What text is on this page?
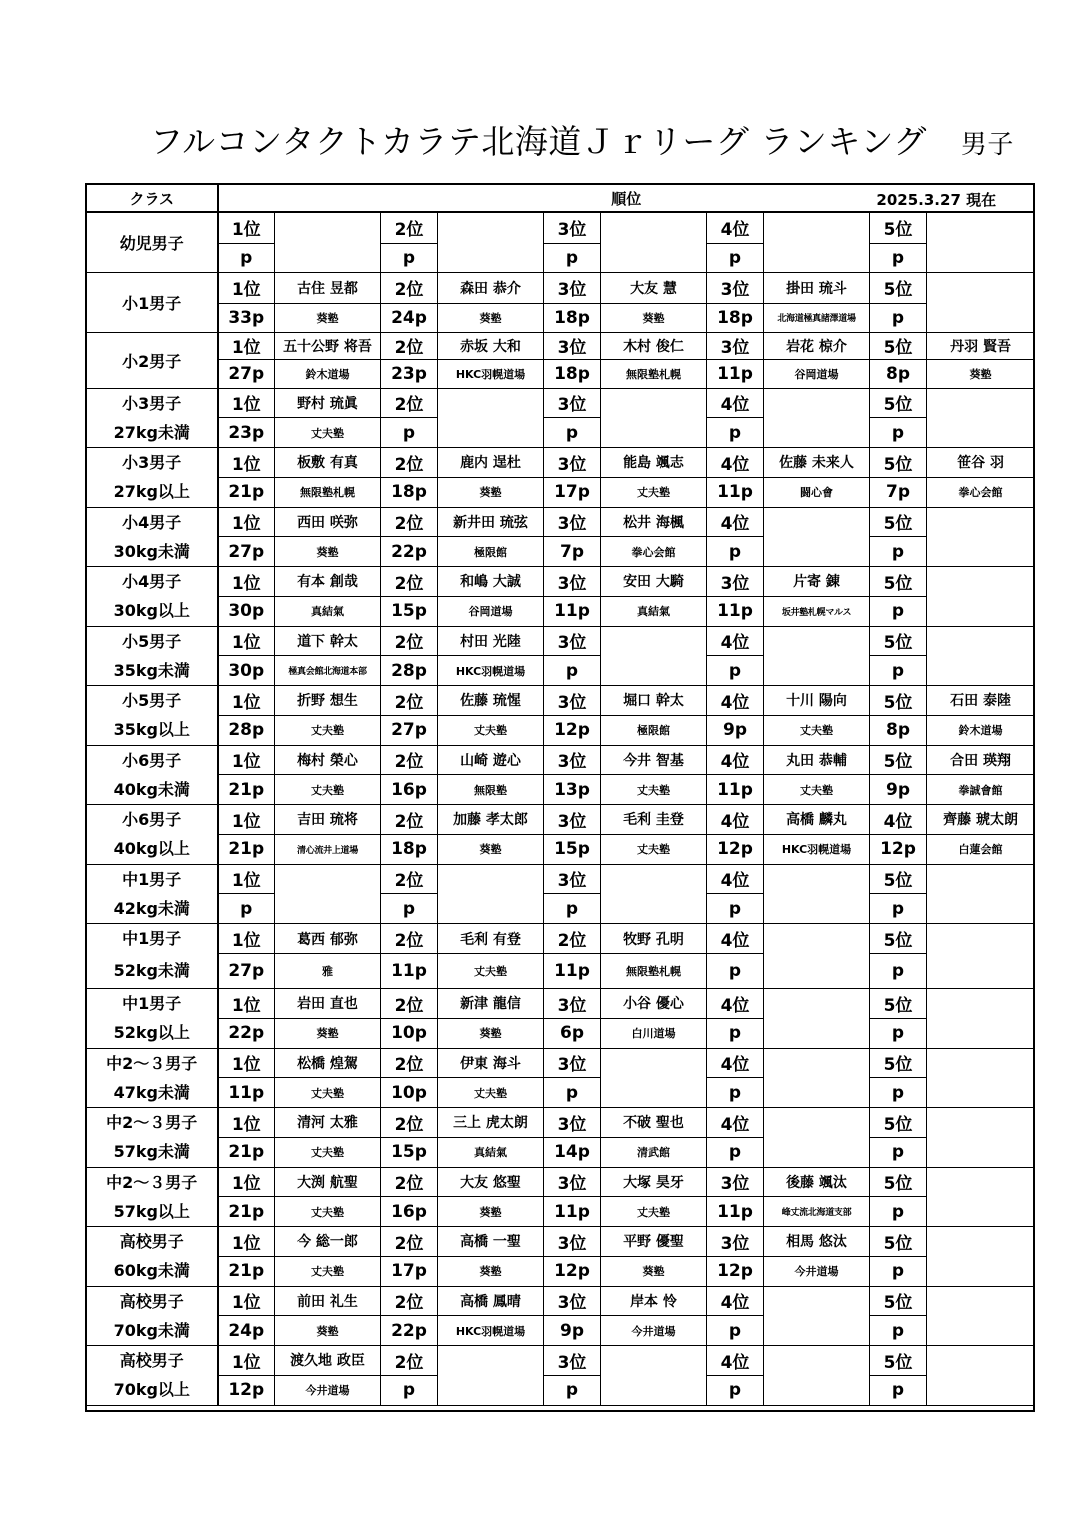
フルコンタクトカラテ北海道Ｊｒリーグ ランキング 男子
クラス	順位 2025.3.27 現在									

幼児男子	1位		2位		3位		4位		5位	
	p		p		p		p		p	
小1男子	1位	古住 昱都	2位	森田 恭介	3位	大友 慧	3位	掛田 琉斗	5位	
	33p	葵塾	24p	葵塾	18p	葵塾	18p	北海道極真諸澤道場	p	
小2男子	1位	五十公野 将吾	2位	赤坂 大和	3位	木村 俊仁	3位	岩花 椋介	5位	丹羽 賢吾
	27p	鈴木道場	23p	HKC羽幌道場	18p	無限塾札幌	11p	谷岡道場	8p	葵塾
小3男子	1位	野村 琉眞	2位		3位		4位		5位	
27kg未満	23p	丈夫塾	p		p		p		p	
小3男子	1位	板敷 有真	2位	鹿内 逞杜	3位	能島 颯志	4位	佐藤 未来人	5位	笹谷 羽
27kg以上	21p	無限塾札幌	18p	葵塾	17p	丈夫塾	11p	闘心會	7p	拳心会館
小4男子	1位	西田 咲弥	2位	新井田 琉弦	3位	松井 海楓	4位		5位	
30kg未満	27p	葵塾	22p	極限館	7p	拳心会館	p		p	
小4男子	1位	有本 創哉	2位	和嶋 大誠	3位	安田 大騎	3位	片寄 錬	5位	
30kg以上	30p	真結氣	15p	谷岡道場	11p	真結氣	11p	坂井塾札幌マルス	p	
小5男子	1位	道下 幹太	2位	村田 光陸	3位		4位		5位	
35kg未満	30p	極真会館北海道本部	28p	HKC羽幌道場	p		p		p	
小5男子	1位	折野 想生	2位	佐藤 琉惺	3位	堀口 幹太	4位	十川 陽向	5位	石田 泰陸
35kg以上	28p	丈夫塾	27p	丈夫塾	12p	極限館	9p	丈夫塾	8p	鈴木道場
小6男子	1位	梅村 榮心	2位	山崎 遊心	3位	今井 智基	4位	丸田 恭輔	5位	合田 瑛翔
40kg未満	21p	丈夫塾	16p	無限塾	13p	丈夫塾	11p	丈夫塾	9p	拳誠會館
小6男子	1位	吉田 琉将	2位	加藤 孝太郎	3位	毛利 圭登	4位	高橋 麟丸	4位	齊藤 琥太朗
40kg以上	21p	清心流井上道場	18p	葵塾	15p	丈夫塾	12p	HKC羽幌道場	12p	白蓮会館
中1男子	1位		2位		3位		4位		5位	
42kg未満	p		p		p		p		p	
中1男子	1位	葛西 郁弥	2位	毛利 有登	2位	牧野 孔明	4位		5位	
52kg未満	27p	雅	11p	丈夫塾	11p	無限塾札幌	p		p	
中1男子	1位	岩田 直也	2位	新津 龍信	3位	小谷 優心	4位		5位	
52kg以上	22p	葵塾	10p	葵塾	6p	白川道場	p		p	
中2～３男子	1位	松橋 煌駕	2位	伊東 海斗	3位		4位		5位	
47kg未満	11p	丈夫塾	10p	丈夫塾	p		p		p	
中2～３男子	1位	清河 太雅	2位	三上 虎太朗	3位	不破 聖也	4位		5位	
57kg未満	21p	丈夫塾	15p	真結氣	14p	清武館	p		p	
中2～３男子	1位	大渕 航聖	2位	大友 悠聖	3位	大塚 昊牙	3位	後藤 颯汰	5位	
57kg以上	21p	丈夫塾	16p	葵塾	11p	丈夫塾	11p	峰丈流北海道支部	p	
高校男子	1位	今 総一郎	2位	高橋 一聖	3位	平野 優聖	3位	相馬 悠汰	5位	
60kg未満	21p	丈夫塾	17p	葵塾	12p	葵塾	12p	今井道場	p	
高校男子	1位	前田 礼生	2位	高橋 鳳晴	3位	岸本 怜	4位		5位	
70kg未満	24p	葵塾	22p	HKC羽幌道場	9p	今井道場	p		p	
高校男子	1位	渡久地 政臣	2位		3位		4位		5位	
70kg以上	12p	今井道場	p		p		p		p	
